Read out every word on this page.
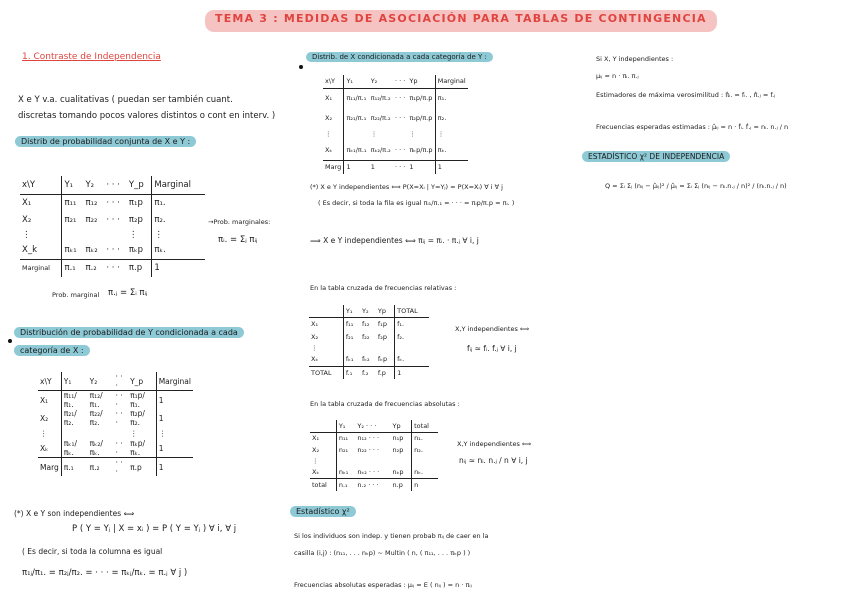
TEMA 3 : MEDIDAS DE ASOCIACIÓN PARA TABLAS DE CONTINGENCIA
1. Contraste de Independencia
X e Y v.a. cualitativas ( puedan ser también cuant.
discretas tomando pocos valores distintos o cont en interv. )
Distrib de probabilidad conjunta de X e Y :
x\Y	Y₁	Y₂	· · ·	Y_p	Marginal
X₁	π₁₁	π₁₂	· · ·	π₁p	π₁.
X₂	π₂₁	π₂₂	· · ·	π₂p	π₂.
⋮				⋮	⋮
X_k	πₖ₁	πₖ₂	· · ·	πₖp	πₖ.
Marginal	π.₁	π.₂	· · ·	π.p	1
→Prob. marginales:
πᵢ. = Σⱼ πᵢⱼ
Prob. marginal π.ⱼ = Σᵢ πᵢⱼ
Distribución de probabilidad de Y condicionada a cada
categoría de X :
x\Y	Y₁	Y₂	· · ·	Y_p	Marginal
X₁	π₁₁/π₁.	π₁₂/π₁.	· · ·	π₁p/π₁.	1
X₂	π₂₁/π₂.	π₂₂/π₂.	· · ·	π₂p/π₂.	1
⋮				⋮	⋮
Xₖ	πₖ₁/πₖ.	πₖ₂/πₖ.	· · ·	πₖp/πₖ.	1
Marg	π.₁	π.₂	· · ·	π.p	1
(*) X e Y son independientes ⟺
P ( Y = Yⱼ | X = xᵢ ) = P ( Y = Yⱼ ) ∀ i, ∀ j
( Es decir, si toda la columna es igual
π₁ⱼ/π₁. = π₂ⱼ/π₂. = · · · = πₖⱼ/πₖ. = π.ⱼ ∀ j )
Distrib. de X condicionada a cada categoría de Y :
x\Y	Y₁	Y₂	· · ·	Yp	Marginal
X₁	π₁₁/π.₁	π₁₂/π.₂	· · ·	π₁p/π.p	π₁.
X₂	π₂₁/π.₁	π₂₂/π.₂	· · ·	π₂p/π.p	π₂.
⋮		⋮		⋮	⋮
Xₖ	πₖ₁/π.₁	πₖ₂/π.₂	· · ·	πₖp/π.p	πₖ.
Marg	1	1	· · ·	1	1
(*) X e Y independientes ⟺ P(X=Xᵢ | Y=Yⱼ) = P(X=Xᵢ) ∀ i ∀ j
( Es decir, si toda la fila es igual πᵢ₁/π.₁ = · · · = πᵢp/π.p = πᵢ. )
⟹ X e Y independientes ⟺ πᵢⱼ = πᵢ. · π.ⱼ ∀ i, j
En la tabla cruzada de frecuencias relativas :
	Y₁	Y₂	Yp	TOTAL
X₁	f₁₁	f₁₂	f₁p	f₁.
X₂	f₂₁	f₂₂	f₂p	f₂.
⋮				
Xₖ	fₖ₁	fₖ₂	fₖp	fₖ.
TOTAL	f.₁	f.₂	f.p	1
X,Y independientes ⟺
fᵢⱼ ≃ fᵢ. f.ⱼ ∀ i, j
En la tabla cruzada de frecuencias absolutas :
	Y₁	Y₂ · · ·	Yp	total
X₁	n₁₁	n₁₂ · · ·	n₁p	n₁.
X₂	n₂₁	n₂₂ · · ·	n₂p	n₂.
⋮				
Xₖ	nₖ₁	nₖ₂ · · ·	nₖp	nₖ.
total	n.₁	n.₂ · · ·	n.p	n
X,Y independientes ⟺
nᵢⱼ ≃ nᵢ. n.ⱼ / n ∀ i, j
Estadístico χ²
Si los individuos son indep. y tienen probab πᵢⱼ de caer en la
casilla (i,j) : (n₁₁, . . . nₖp) ~ Multin ( n, ( π₁₁, . . . πₖp ) )
Frecuencias absolutas esperadas : μᵢⱼ = E ( nᵢⱼ ) = n · πᵢⱼ
Si X, Y independientes :
μᵢⱼ = n · πᵢ. π.ⱼ
Estimadores de máxima verosimilitud : π̂ᵢ. = fᵢ. , π̂.ⱼ = f.ⱼ
Frecuencias esperadas estimadas : μ̂ᵢⱼ = n · f̂ᵢ. f̂.ⱼ = nᵢ. n.ⱼ / n
ESTADÍSTICO χ² DE INDEPENDENCIA
Q = Σᵢ Σⱼ (nᵢⱼ − μ̂ᵢⱼ)² / μ̂ᵢⱼ = Σᵢ Σⱼ (nᵢⱼ − nᵢ.n.ⱼ / n)² / (nᵢ.n.ⱼ / n)
